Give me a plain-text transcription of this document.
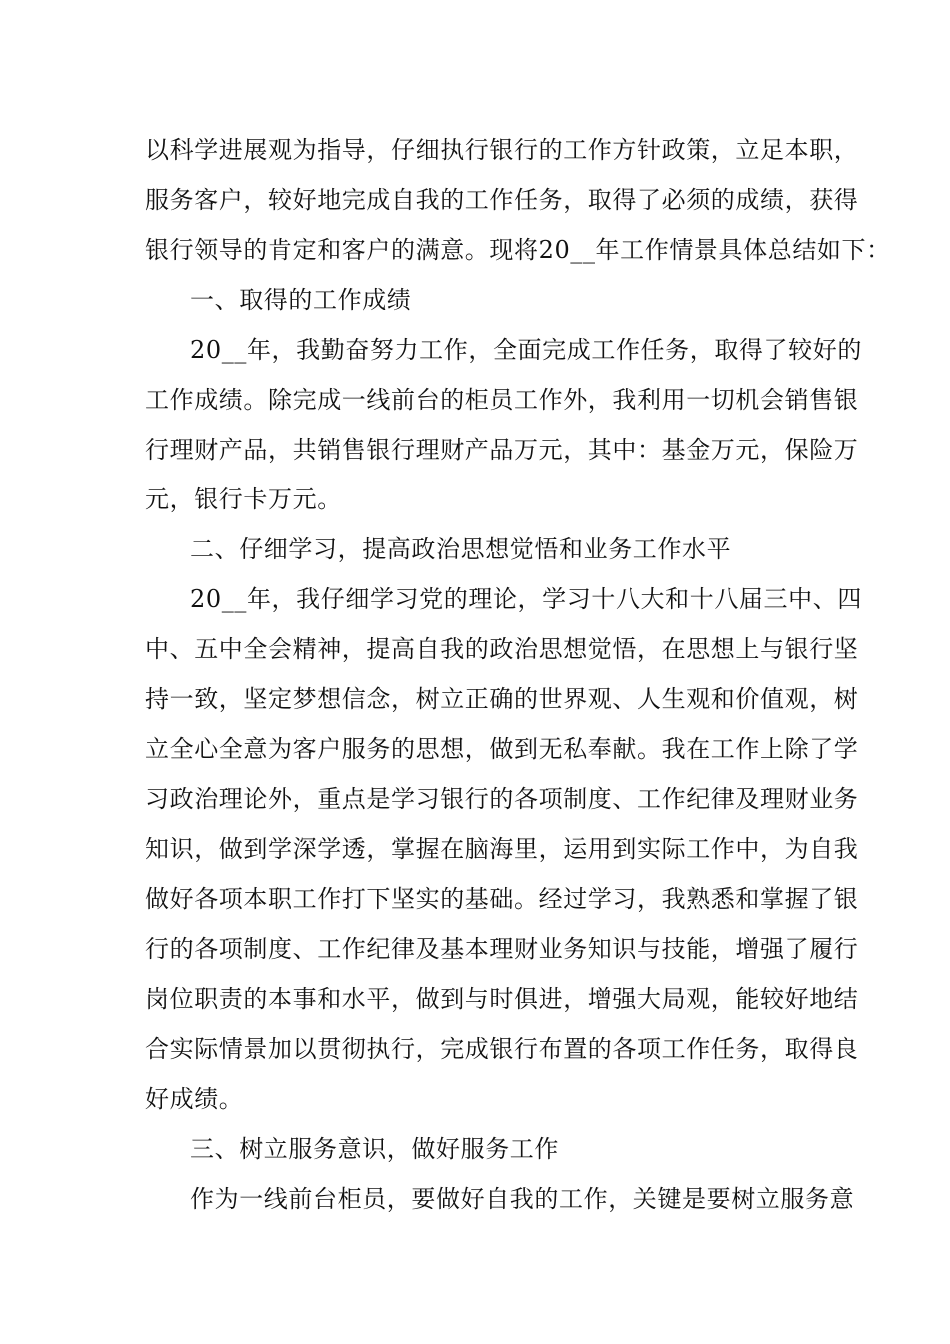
以科学进展观为指导，仔细执行银行的工作方针政策，立足本职，
服务客户，较好地完成自我的工作任务，取得了必须的成绩，获得
银行领导的肯定和客户的满意。现将20__年工作情景具体总结如下：
一、取得的工作成绩
20__年，我勤奋努力工作，全面完成工作任务，取得了较好的
工作成绩。除完成一线前台的柜员工作外，我利用一切机会销售银
行理财产品，共销售银行理财产品万元，其中：基金万元，保险万
元，银行卡万元。
二、仔细学习，提高政治思想觉悟和业务工作水平
20__年，我仔细学习党的理论，学习十八大和十八届三中、四
中、五中全会精神，提高自我的政治思想觉悟，在思想上与银行坚
持一致，坚定梦想信念，树立正确的世界观、人生观和价值观，树
立全心全意为客户服务的思想，做到无私奉献。我在工作上除了学
习政治理论外，重点是学习银行的各项制度、工作纪律及理财业务
知识，做到学深学透，掌握在脑海里，运用到实际工作中，为自我
做好各项本职工作打下坚实的基础。经过学习，我熟悉和掌握了银
行的各项制度、工作纪律及基本理财业务知识与技能，增强了履行
岗位职责的本事和水平，做到与时俱进，增强大局观，能较好地结
合实际情景加以贯彻执行，完成银行布置的各项工作任务，取得良
好成绩。
三、树立服务意识，做好服务工作
作为一线前台柜员，要做好自我的工作，关键是要树立服务意
